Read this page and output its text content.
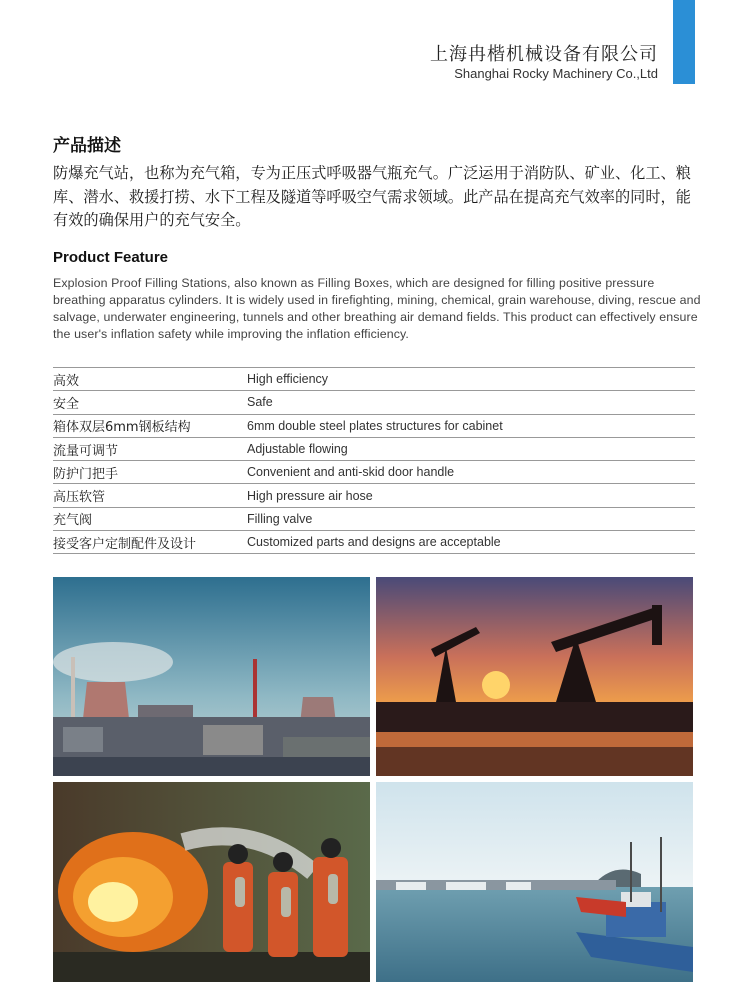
上海冉楷机械设备有限公司
Shanghai Rocky Machinery Co.,Ltd
产品描述
防爆充气站，也称为充气箱，专为正压式呼吸器气瓶充气。广泛运用于消防队、矿业、化工、粮库、潜水、救援打捞、水下工程及隧道等呼吸空气需求领域。此产品在提高充气效率的同时，能有效的确保用户的充气安全。
Product Feature
Explosion Proof Filling Stations, also known as Filling Boxes, which are designed for filling positive pressure breathing apparatus cylinders. It is widely used in firefighting, mining, chemical, grain warehouse, diving, rescue and salvage, underwater engineering, tunnels and other breathing air demand fields. This product can effectively ensure the user's inflation safety while improving the inflation efficiency.
高效	High efficiency
安全	Safe
箱体双层6mm钢板结构	6mm double steel plates structures for cabinet
流量可调节	Adjustable flowing
防护门把手	Convenient and anti-skid door handle
高压软管	High pressure air hose
充气阀	Filling valve
接受客户定制配件及设计	Customized parts and designs are acceptable
